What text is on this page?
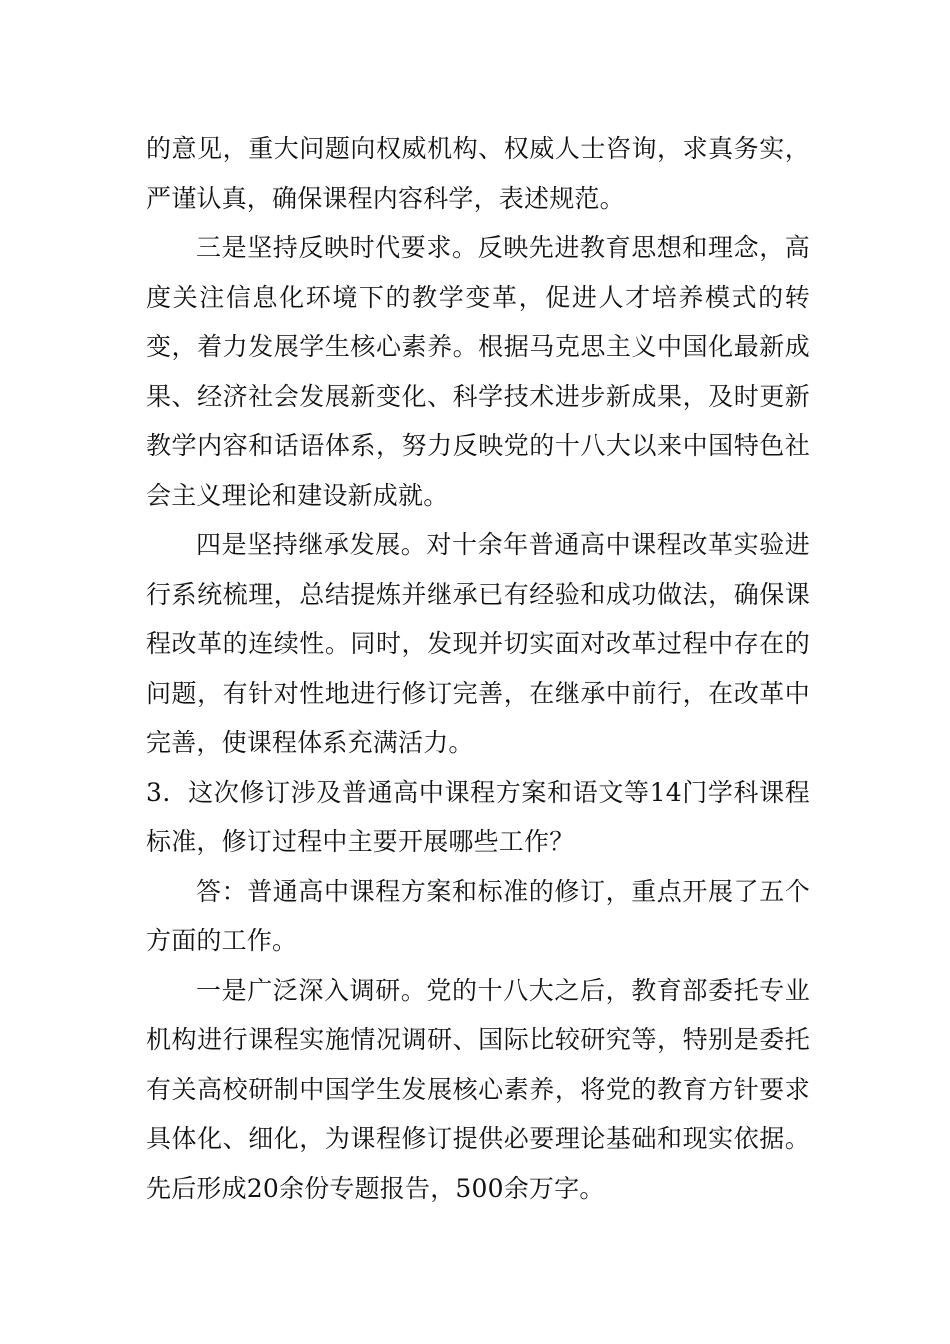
的意见，重大问题向权威机构、权威人士咨询，求真务实，严谨认真，确保课程内容科学，表述规范。

三是坚持反映时代要求。反映先进教育思想和理念，高度关注信息化环境下的教学变革，促进人才培养模式的转变，着力发展学生核心素养。根据马克思主义中国化最新成果、经济社会发展新变化、科学技术进步新成果，及时更新教学内容和话语体系，努力反映党的十八大以来中国特色社会主义理论和建设新成就。

四是坚持继承发展。对十余年普通高中课程改革实验进行系统梳理，总结提炼并继承已有经验和成功做法，确保课程改革的连续性。同时，发现并切实面对改革过程中存在的问题，有针对性地进行修订完善，在继承中前行，在改革中完善，使课程体系充满活力。

3．这次修订涉及普通高中课程方案和语文等14门学科课程标准，修订过程中主要开展哪些工作？

答：普通高中课程方案和标准的修订，重点开展了五个方面的工作。

一是广泛深入调研。党的十八大之后，教育部委托专业机构进行课程实施情况调研、国际比较研究等，特别是委托有关高校研制中国学生发展核心素养，将党的教育方针要求具体化、细化，为课程修订提供必要理论基础和现实依据。先后形成20余份专题报告，500余万字。
